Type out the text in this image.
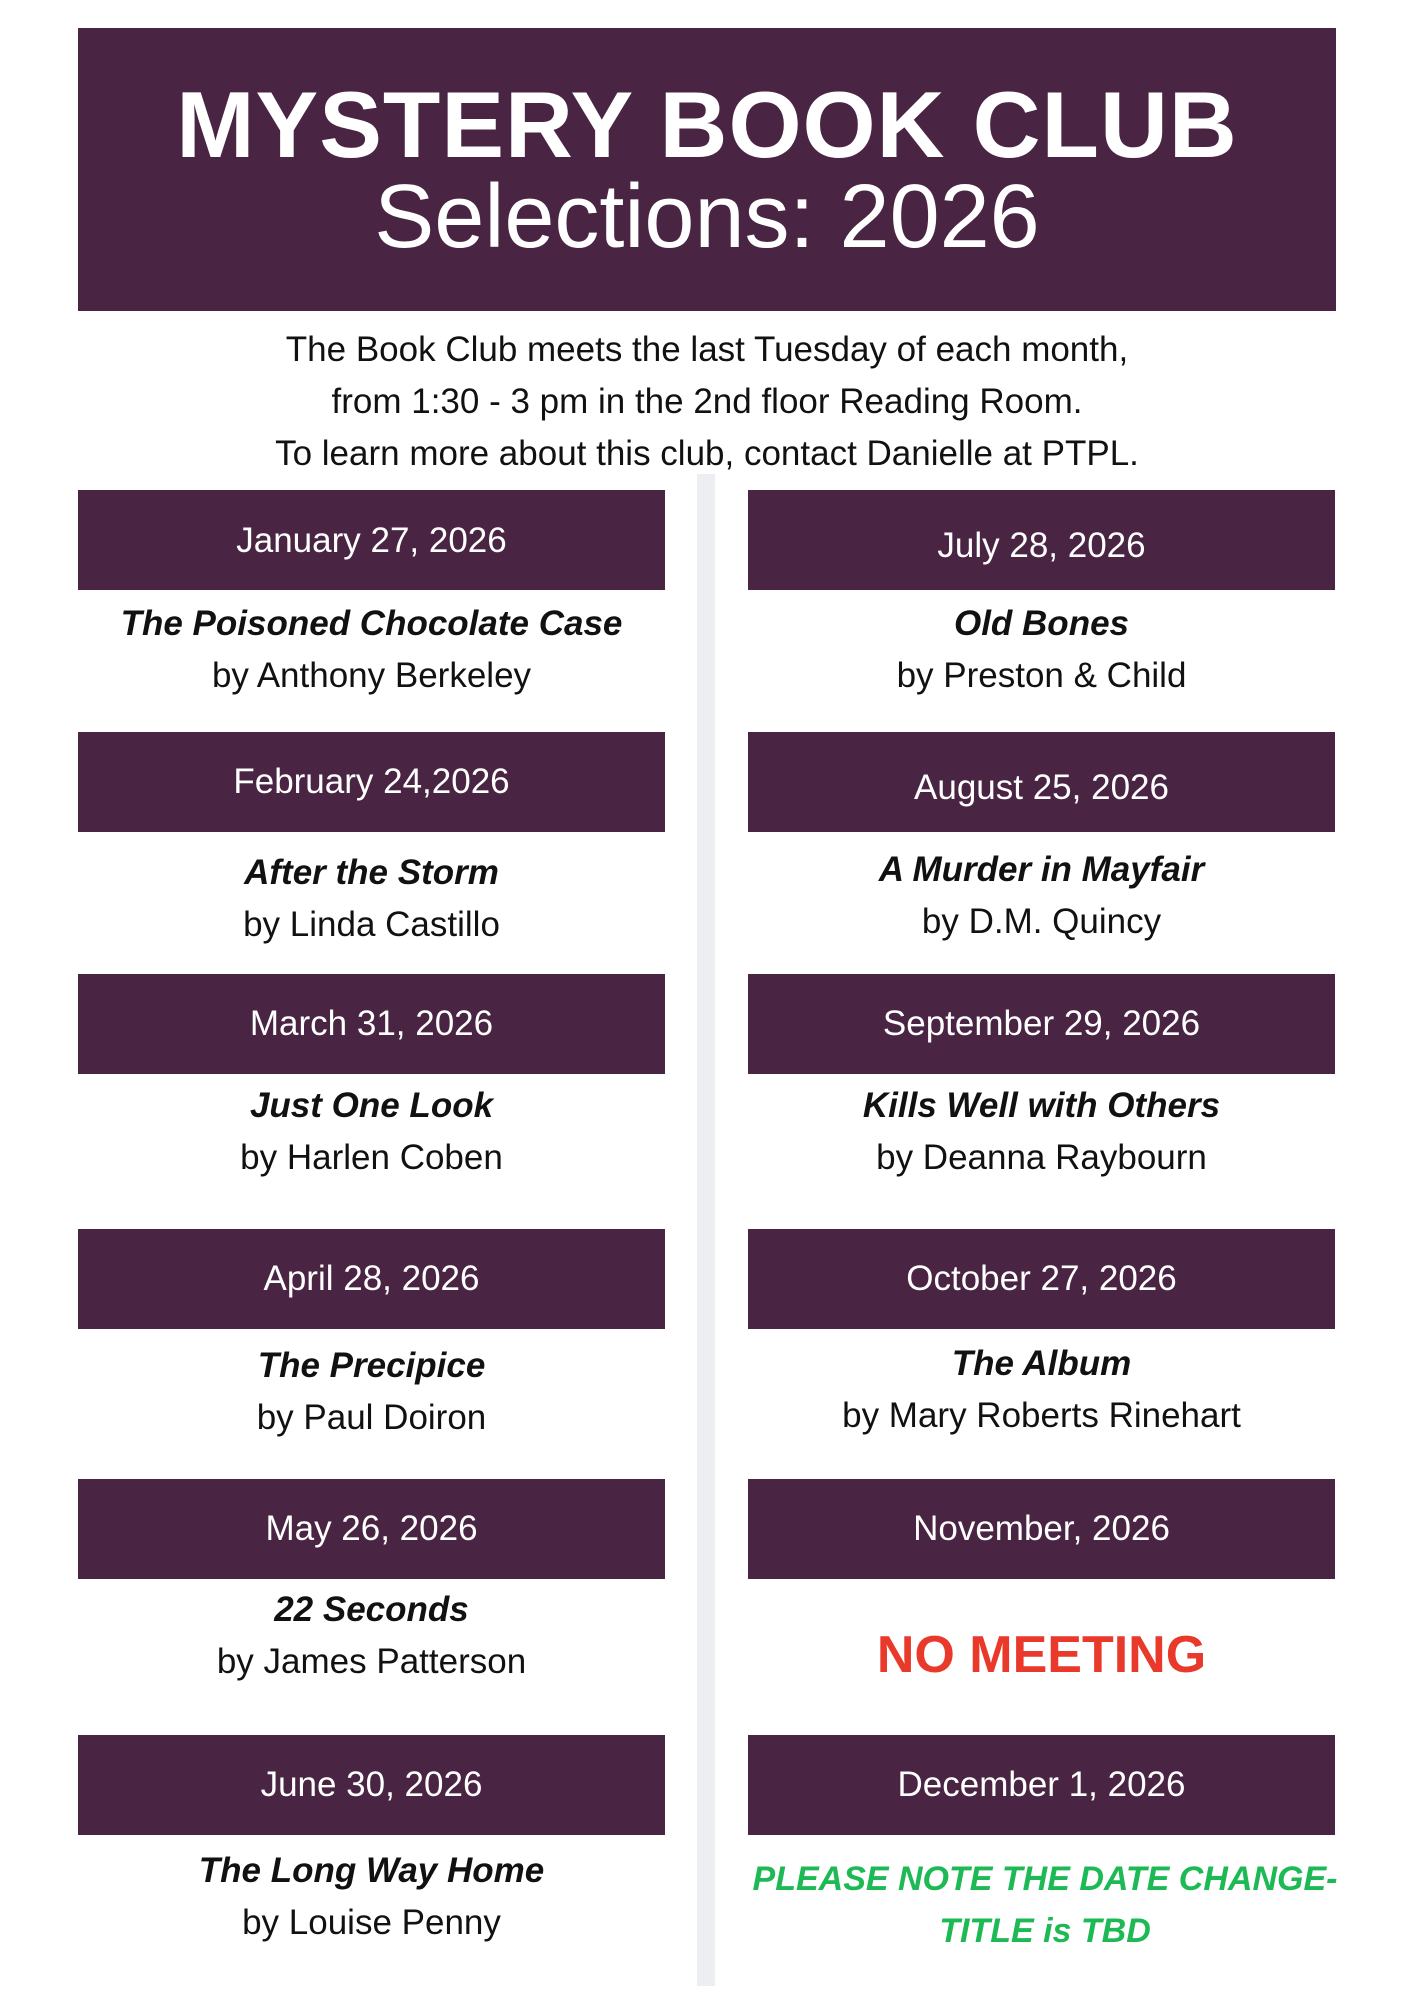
MYSTERY BOOK CLUB
Selections: 2026
The Book Club meets the last Tuesday of each month,
from 1:30 - 3 pm in the 2nd floor Reading Room.
To learn more about this club, contact Danielle at PTPL.
January 27, 2026
The Poisoned Chocolate Case
by Anthony Berkeley
February 24,2026
After the Storm
by Linda Castillo
March 31, 2026
Just One Look
by Harlen Coben
April 28, 2026
The Precipice
by Paul Doiron
May 26, 2026
22 Seconds
by James Patterson
June 30, 2026
The Long Way Home
by Louise Penny
July 28, 2026
Old Bones
by Preston & Child
August 25, 2026
A Murder in Mayfair
by D.M. Quincy
September 29, 2026
Kills Well with Others
by Deanna Raybourn
October 27, 2026
The Album
by Mary Roberts Rinehart
November, 2026
NO MEETING
December 1, 2026
PLEASE NOTE THE DATE CHANGE-
TITLE is TBD
